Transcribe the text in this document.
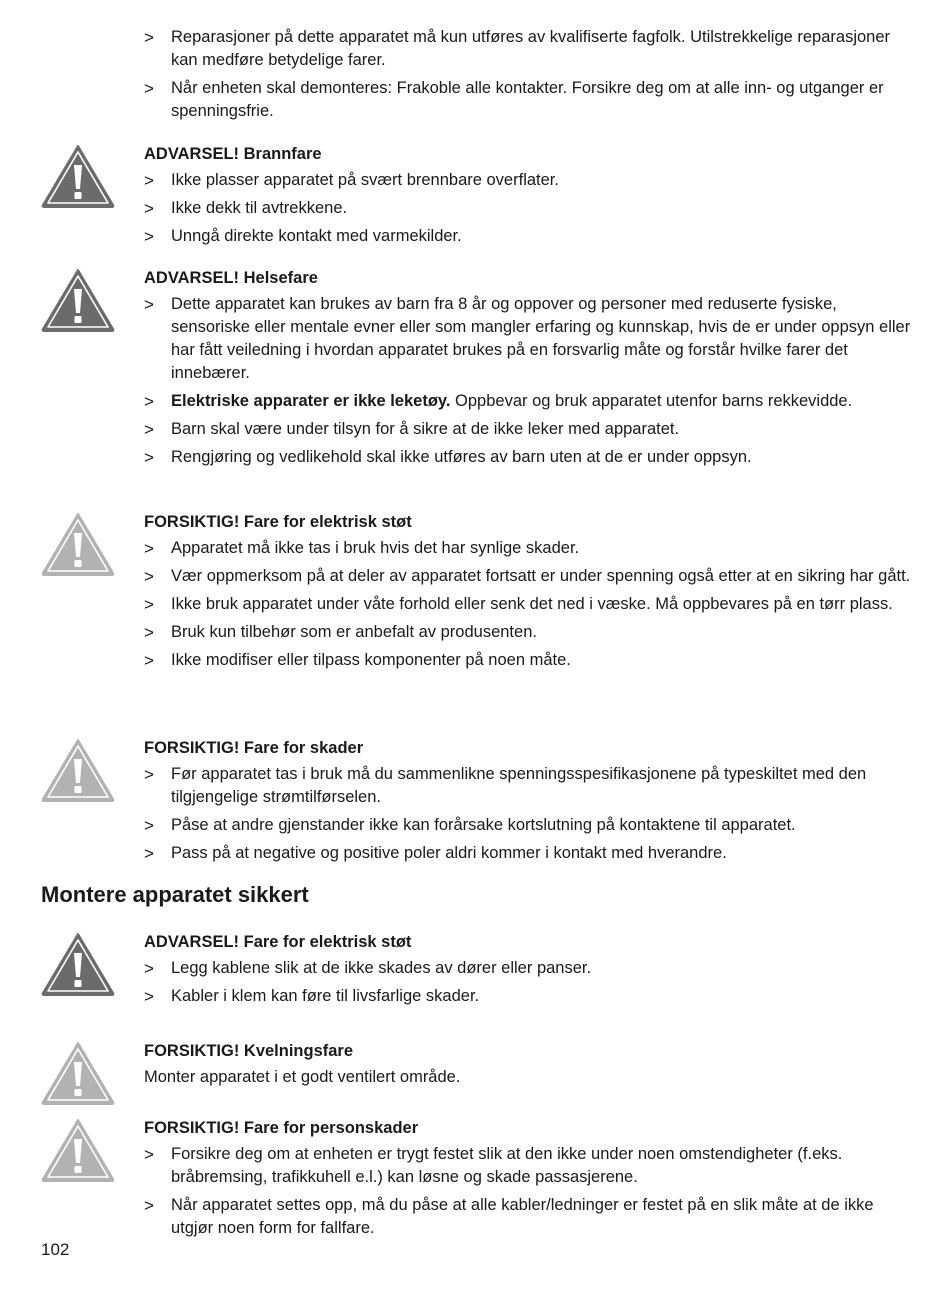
> Reparasjoner på dette apparatet må kun utføres av kvalifiserte fagfolk. Utilstrekkelige reparasjoner kan medføre betydelige farer.
> Når enheten skal demonteres: Frakoble alle kontakter. Forsikre deg om at alle inn- og utganger er spenningsfrie.
ADVARSEL! Brannfare
> Ikke plasser apparatet på svært brennbare overflater.
> Ikke dekk til avtrekkene.
> Unngå direkte kontakt med varmekilder.
ADVARSEL! Helsefare
> Dette apparatet kan brukes av barn fra 8 år og oppover og personer med reduserte fysiske, sensoriske eller mentale evner eller som mangler erfaring og kunnskap, hvis de er under oppsyn eller har fått veiledning i hvordan apparatet brukes på en forsvarlig måte og forstår hvilke farer det innebærer.
> Elektriske apparater er ikke leketøy. Oppbevar og bruk apparatet utenfor barns rekkevidde.
> Barn skal være under tilsyn for å sikre at de ikke leker med apparatet.
> Rengjøring og vedlikehold skal ikke utføres av barn uten at de er under oppsyn.
FORSIKTIG! Fare for elektrisk støt
> Apparatet må ikke tas i bruk hvis det har synlige skader.
> Vær oppmerksom på at deler av apparatet fortsatt er under spenning også etter at en sikring har gått.
> Ikke bruk apparatet under våte forhold eller senk det ned i væske. Må oppbevares på en tørr plass.
> Bruk kun tilbehør som er anbefalt av produsenten.
> Ikke modifiser eller tilpass komponenter på noen måte.
FORSIKTIG! Fare for skader
> Før apparatet tas i bruk må du sammenlikne spenningsspesifikasjonene på typeskiltet med den tilgjengelige strømtilførselen.
> Påse at andre gjenstander ikke kan forårsake kortslutning på kontaktene til apparatet.
> Pass på at negative og positive poler aldri kommer i kontakt med hverandre.
Montere apparatet sikkert
ADVARSEL! Fare for elektrisk støt
> Legg kablene slik at de ikke skades av dører eller panser.
> Kabler i klem kan føre til livsfarlige skader.
FORSIKTIG! Kvelningsfare

Monter apparatet i et godt ventilert område.

FORSIKTIG! Fare for personskader
> Forsikre deg om at enheten er trygt festet slik at den ikke under noen omstendigheter (f.eks. bråbremsing, trafikkuhell e.l.) kan løsne og skade passasjerene.
> Når apparatet settes opp, må du påse at alle kabler/ledninger er festet på en slik måte at de ikke utgjør noen form for fallfare.
102
